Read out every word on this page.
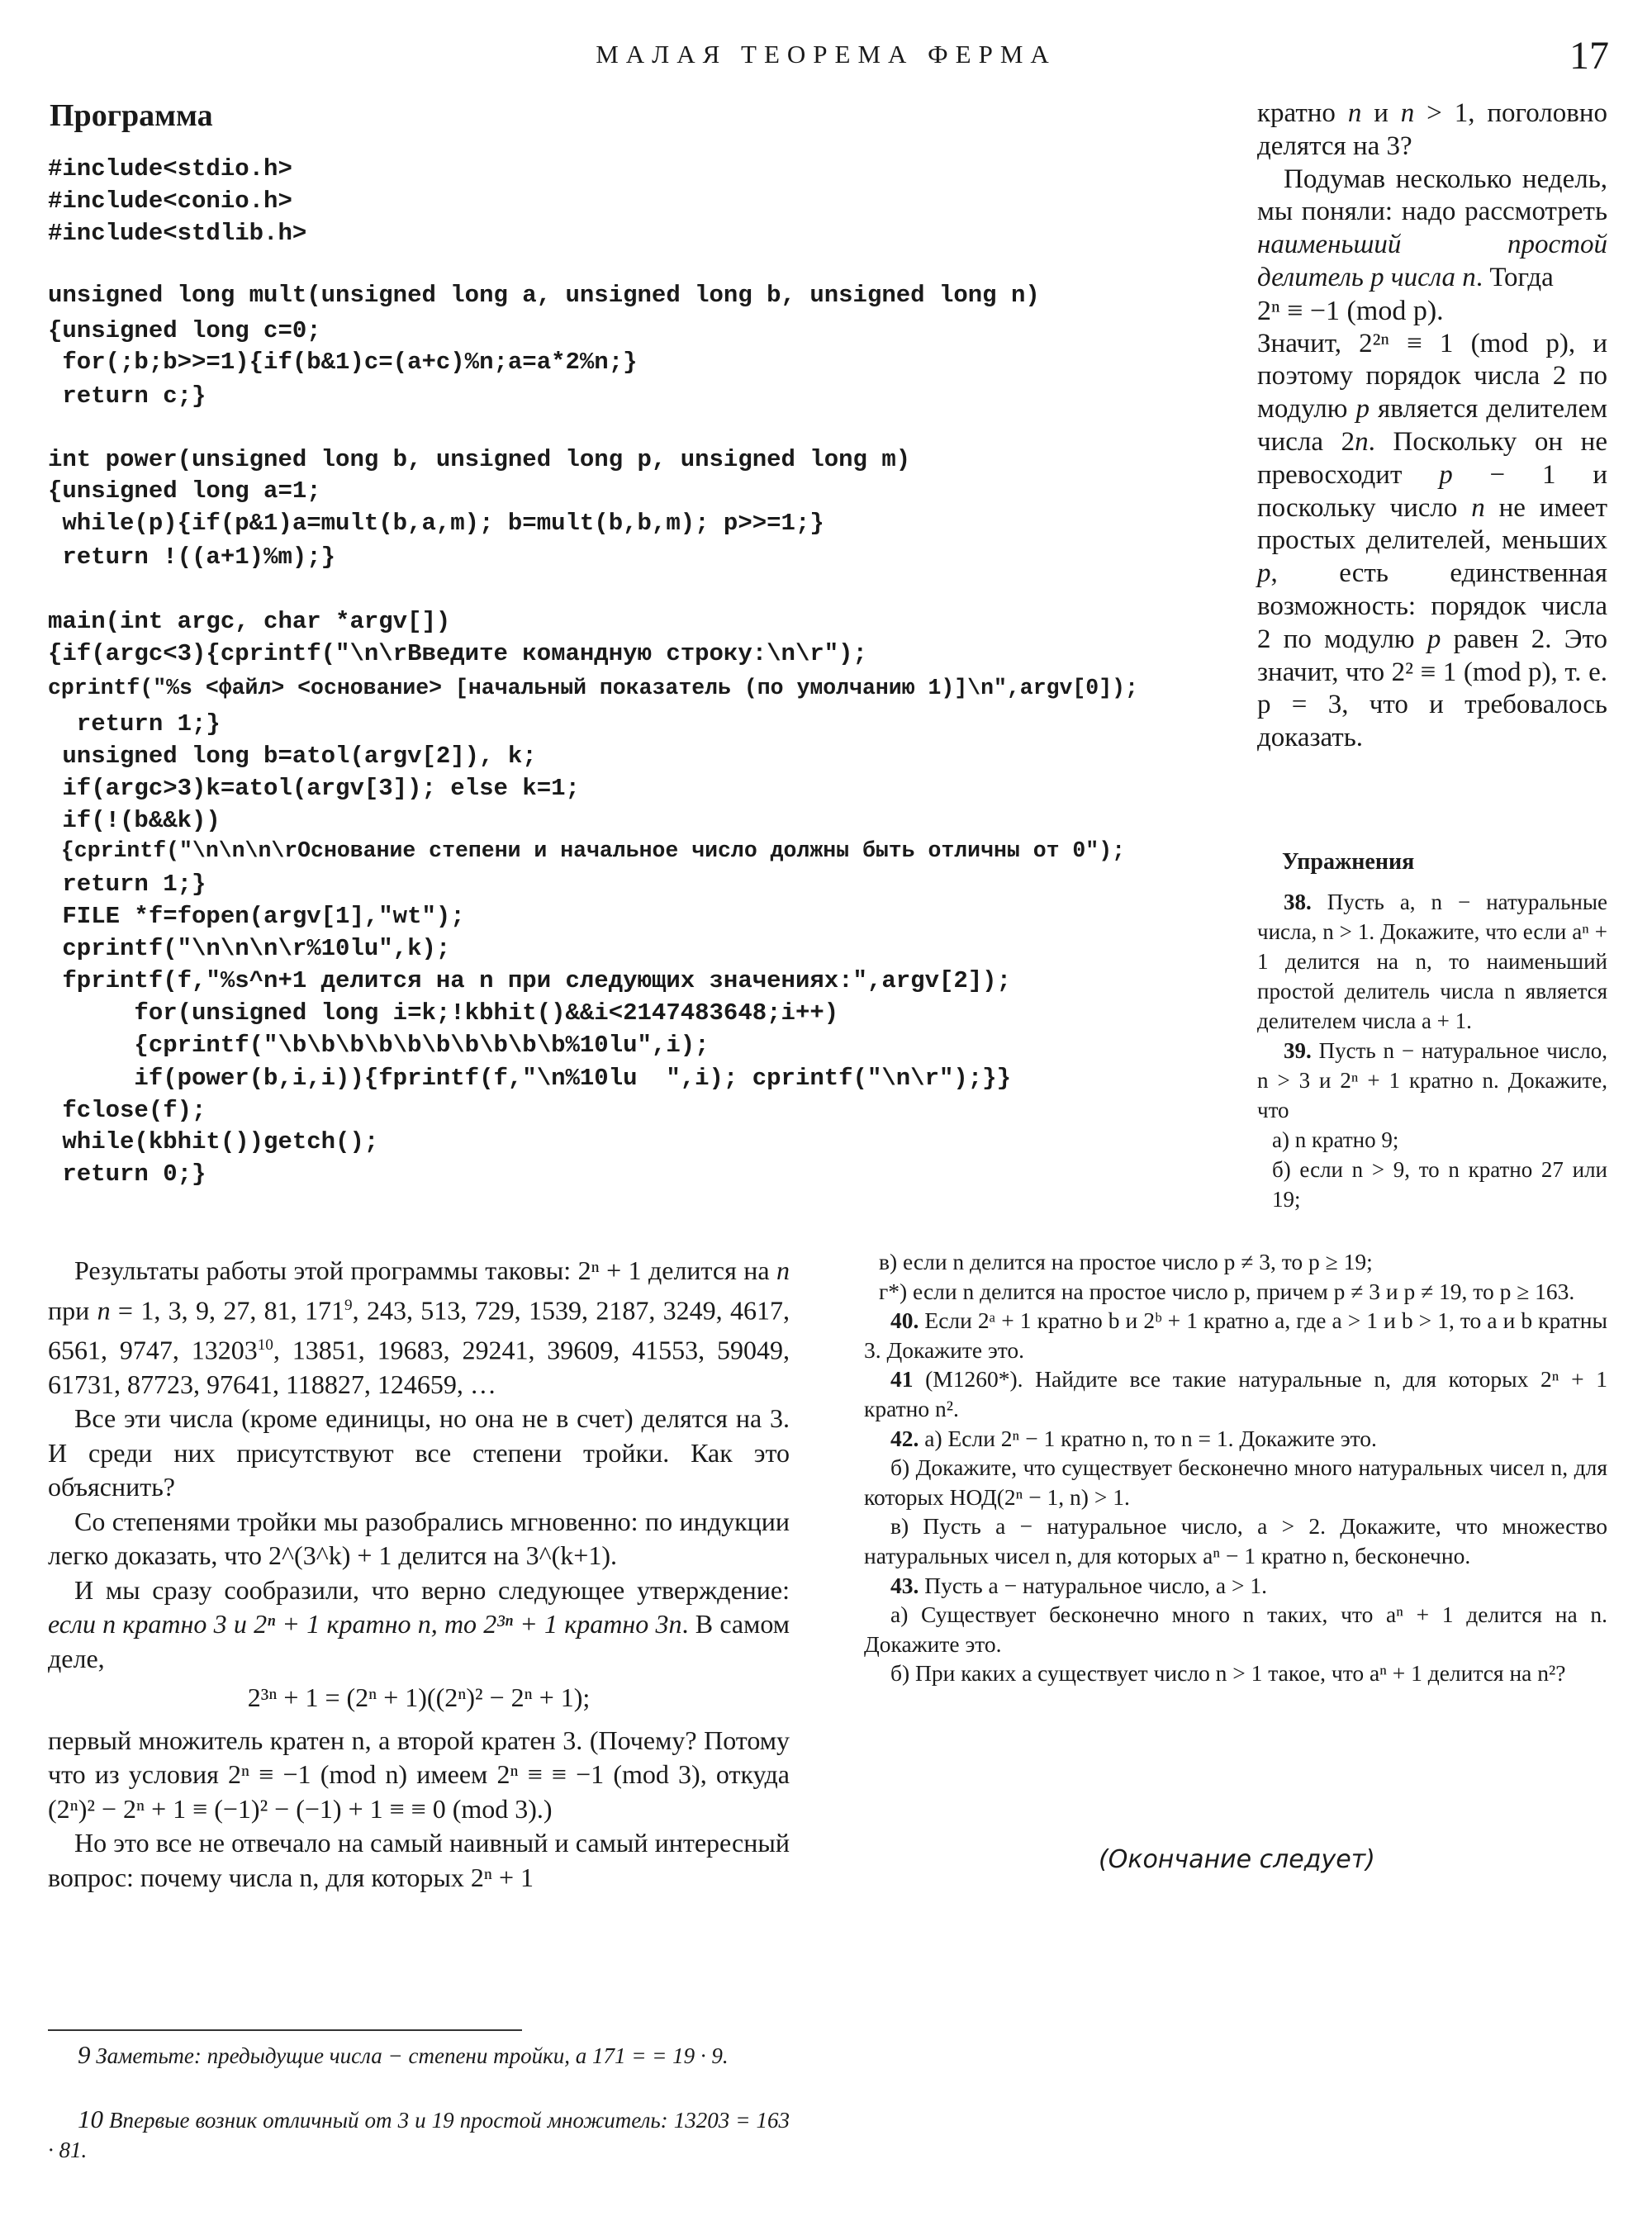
МАЛАЯ ТЕОРЕМА ФЕРМА	17
Программа
#include<stdio.h>
#include<conio.h>
#include<stdlib.h>
unsigned long mult(unsigned long a, unsigned long b, unsigned long n)
{unsigned long c=0;
for(;b;b>>=1){if(b&1)c=(a+c)%n;a=a*2%n;}
return c;}
int power(unsigned long b, unsigned long p, unsigned long m)
{unsigned long a=1;
while(p){if(p&1)a=mult(b,a,m); b=mult(b,b,m); p>>=1;}
return !((a+1)%m);}
main(int argc, char *argv[])
{if(argc<3){cprintf("\n\rВведите командную строку:\n\r");
cprintf("%s <файл> <основание> [начальный показатель (по умолчанию 1)]\n",argv[0]);
return 1;}
unsigned long b=atol(argv[2]), k;
if(argc>3)k=atol(argv[3]); else k=1;
if(!(b&&k))
{cprintf("\n\n\n\rОснование степени и начальное число должны быть отличны от 0");
return 1;}
FILE *f=fopen(argv[1],"wt");
cprintf("\n\n\n\r%10lu",k);
fprintf(f,"%s^n+1 делится на n при следующих значениях:",argv[2]);
for(unsigned long i=k;!kbhit()&&i<2147483648;i++)
{cprintf("\b\b\b\b\b\b\b\b\b\b%10lu",i);
if(power(b,i,i)){fprintf(f,"\n%10lu  ",i); cprintf("\n\r");}}
fclose(f);
while(kbhit())getch();
return 0;}

кратно n и n > 1, поголовно делятся на 3?

Подумав несколько недель, мы поняли: надо рассмотреть наименьший простой делитель p числа n. Тогда

2ⁿ ≡ −1 (mod p).

Значит, 2²ⁿ ≡ 1 (mod p), и поэтому порядок числа 2 по модулю p является делителем числа 2n. Поскольку он не превосходит p − 1 и поскольку число n не имеет простых делителей, меньших p, есть единственная возможность: порядок числа 2 по модулю p равен 2. Это значит, что 2² ≡ 1 (mod p), т. е. p = 3, что и требовалось доказать.

Упражнения

38. Пусть a, n − натуральные числа, n > 1. Докажите, что если aⁿ + 1 делится на n, то наименьший простой делитель числа n является делителем числа a + 1.

39. Пусть n − натуральное число, n > 3 и 2ⁿ + 1 кратно n. Докажите, что

а) n кратно 9;

б) если n > 9, то n кратно 27 или 19;

Результаты работы этой программы таковы: 2ⁿ + 1 делится на n при n = 1, 3, 9, 27, 81, $171^9$, 243, 513, 729, 1539, 2187, 3249, 4617, 6561, 9747, 13203$^{10}$, 13851, 19683, 29241, 39609, 41553, 59049, 61731, 87723, 97641, 118827, 124659, …

Все эти числа (кроме единицы, но она не в счет) делятся на 3. И среди них присутствуют все степени тройки. Как это объяснить?

Со степенями тройки мы разобрались мгновенно: по индукции легко доказать, что 2^(3^k) + 1 делится на 3^(k+1).

И мы сразу сообразили, что верно следующее утверждение: если n кратно 3 и 2ⁿ + 1 кратно n, то 2³ⁿ + 1 кратно 3n. В самом деле,

2³ⁿ + 1 = (2ⁿ + 1)((2ⁿ)² − 2ⁿ + 1);

первый множитель кратен n, а второй кратен 3. (Почему? Потому что из условия 2ⁿ ≡ −1 (mod n) имеем 2ⁿ ≡ ≡ −1 (mod 3), откуда (2ⁿ)² − 2ⁿ + 1 ≡ (−1)² − (−1) + 1 ≡ ≡ 0 (mod 3).)

Но это все не отвечало на самый наивный и самый интересный вопрос: почему числа n, для которых 2ⁿ + 1

в) если n делится на простое число p ≠ 3, то p ≥ 19;

г*) если n делится на простое число p, причем p ≠ 3 и p ≠ 19, то p ≥ 163.

40. Если 2ᵃ + 1 кратно b и 2ᵇ + 1 кратно a, где a > 1 и b > 1, то a и b кратны 3. Докажите это.

41 (М1260*). Найдите все такие натуральные n, для которых 2ⁿ + 1 кратно n².

42. а) Если 2ⁿ − 1 кратно n, то n = 1. Докажите это.

б) Докажите, что существует бесконечно много натуральных чисел n, для которых НОД(2ⁿ − 1, n) > 1.

в) Пусть a − натуральное число, a > 2. Докажите, что множество натуральных чисел n, для которых aⁿ − 1 кратно n, бесконечно.

43. Пусть a − натуральное число, a > 1.

а) Существует бесконечно много n таких, что aⁿ + 1 делится на n. Докажите это.

б) При каких a существует число n > 1 такое, что aⁿ + 1 делится на n²?

(Окончание следует)

9 Заметьте: предыдущие числа − степени тройки, а 171 = = 19 · 9.

10 Впервые возник отличный от 3 и 19 простой множитель: 13203 = 163 · 81.
